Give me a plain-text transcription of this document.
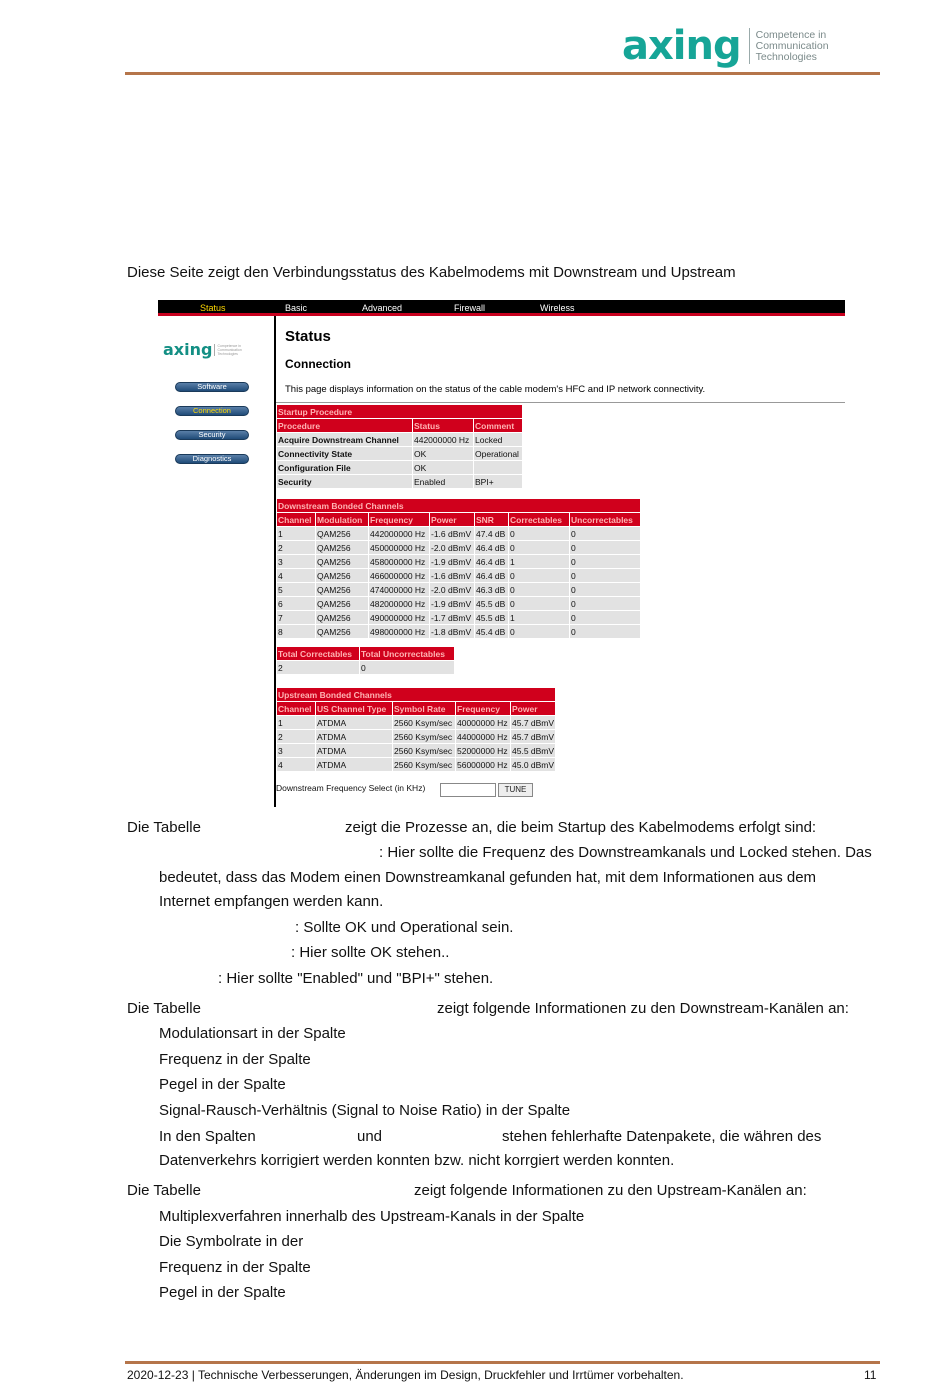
axing Competence in
Communication
Technologies
Diese Seite zeigt den Verbindungsstatus des Kabelmodems mit Downstream und Upstream
Status	Basic	Advanced	Firewall	Wireless
axing Competence in
Communication
Technologies
Software
Connection
Security
Diagnostics
Status
Connection
This page displays information on the status of the cable modem's HFC and IP network connectivity.
Startup Procedure		
Procedure	Status	Comment
Acquire Downstream Channel	442000000 Hz	Locked
Connectivity State	OK	Operational
Configuration File	OK	
Security	Enabled	BPI+
Downstream Bonded Channels						
Channel	Modulation	Frequency	Power	SNR	Correctables	Uncorrectables
1	QAM256	442000000 Hz	-1.6 dBmV	47.4 dB	0	0
2	QAM256	450000000 Hz	-2.0 dBmV	46.4 dB	0	0
3	QAM256	458000000 Hz	-1.9 dBmV	46.4 dB	1	0
4	QAM256	466000000 Hz	-1.6 dBmV	46.4 dB	0	0
5	QAM256	474000000 Hz	-2.0 dBmV	46.3 dB	0	0
6	QAM256	482000000 Hz	-1.9 dBmV	45.5 dB	0	0
7	QAM256	490000000 Hz	-1.7 dBmV	45.5 dB	1	0
8	QAM256	498000000 Hz	-1.8 dBmV	45.4 dB	0	0
Total Correctables	Total Uncorrectables
2	0
Upstream Bonded Channels				
Channel	US Channel Type	Symbol Rate	Frequency	Power
1	ATDMA	2560 Ksym/sec	40000000 Hz	45.7 dBmV
2	ATDMA	2560 Ksym/sec	44000000 Hz	45.7 dBmV
3	ATDMA	2560 Ksym/sec	52000000 Hz	45.5 dBmV
4	ATDMA	2560 Ksym/sec	56000000 Hz	45.0 dBmV
Downstream Frequency Select (in KHz)	TUNE
Die Tabelle	zeigt die Prozesse an, die beim Startup des Kabelmodems erfolgt sind:
: Hier sollte die Frequenz des Downstreamkanals und Locked stehen. Das
bedeutet, dass das Modem einen Downstreamkanal gefunden hat, mit dem Informationen aus dem
Internet empfangen werden kann.
: Sollte OK und Operational sein.
: Hier sollte OK stehen..
: Hier sollte "Enabled" und "BPI+" stehen.
Die Tabelle	zeigt folgende Informationen zu den Downstream-Kanälen an:
Modulationsart in der Spalte
Frequenz in der Spalte
Pegel in der Spalte
Signal-Rausch-Verhältnis (Signal to Noise Ratio) in der Spalte
In den Spalten	und	stehen fehlerhafte Datenpakete, die währen des
Datenverkehrs korrigiert werden konnten bzw. nicht korrgiert werden konnten.
Die Tabelle	zeigt folgende Informationen zu den Upstream-Kanälen an:
Multiplexverfahren innerhalb des Upstream-Kanals in der Spalte
Die Symbolrate in der
Frequenz in der Spalte
Pegel in der Spalte
2020-12-23 | Technische Verbesserungen, Änderungen im Design, Druckfehler und Irrtümer vorbehalten.	11
